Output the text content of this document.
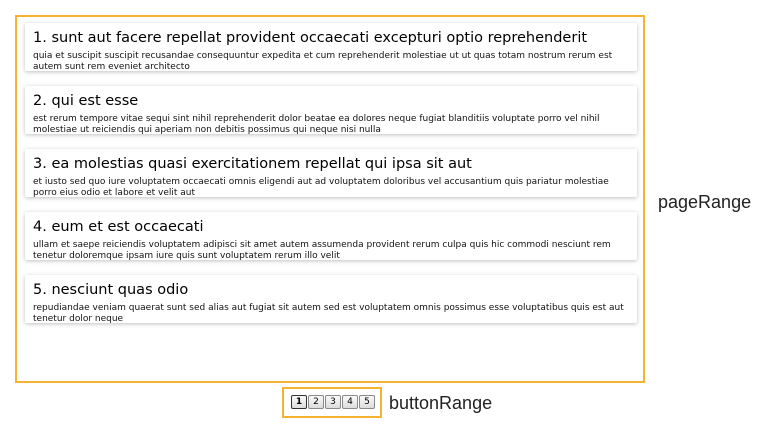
1. sunt aut facere repellat provident occaecati excepturi optio reprehenderit

quia et suscipit suscipit recusandae consequuntur expedita et cum reprehenderit molestiae ut ut quas totam nostrum rerum est autem sunt rem eveniet architecto

2. qui est esse

est rerum tempore vitae sequi sint nihil reprehenderit dolor beatae ea dolores neque fugiat blanditiis voluptate porro vel nihil molestiae ut reiciendis qui aperiam non debitis possimus qui neque nisi nulla

3. ea molestias quasi exercitationem repellat qui ipsa sit aut

et iusto sed quo iure voluptatem occaecati omnis eligendi aut ad voluptatem doloribus vel accusantium quis pariatur molestiae porro eius odio et labore et velit aut

4. eum et est occaecati

ullam et saepe reiciendis voluptatem adipisci sit amet autem assumenda provident rerum culpa quis hic commodi nesciunt rem tenetur doloremque ipsam iure quis sunt voluptatem rerum illo velit

5. nesciunt quas odio

repudiandae veniam quaerat sunt sed alias aut fugiat sit autem sed est voluptatem omnis possimus esse voluptatibus quis est aut tenetur dolor neque

pageRange
1	2	3	4	5 buttonRange
